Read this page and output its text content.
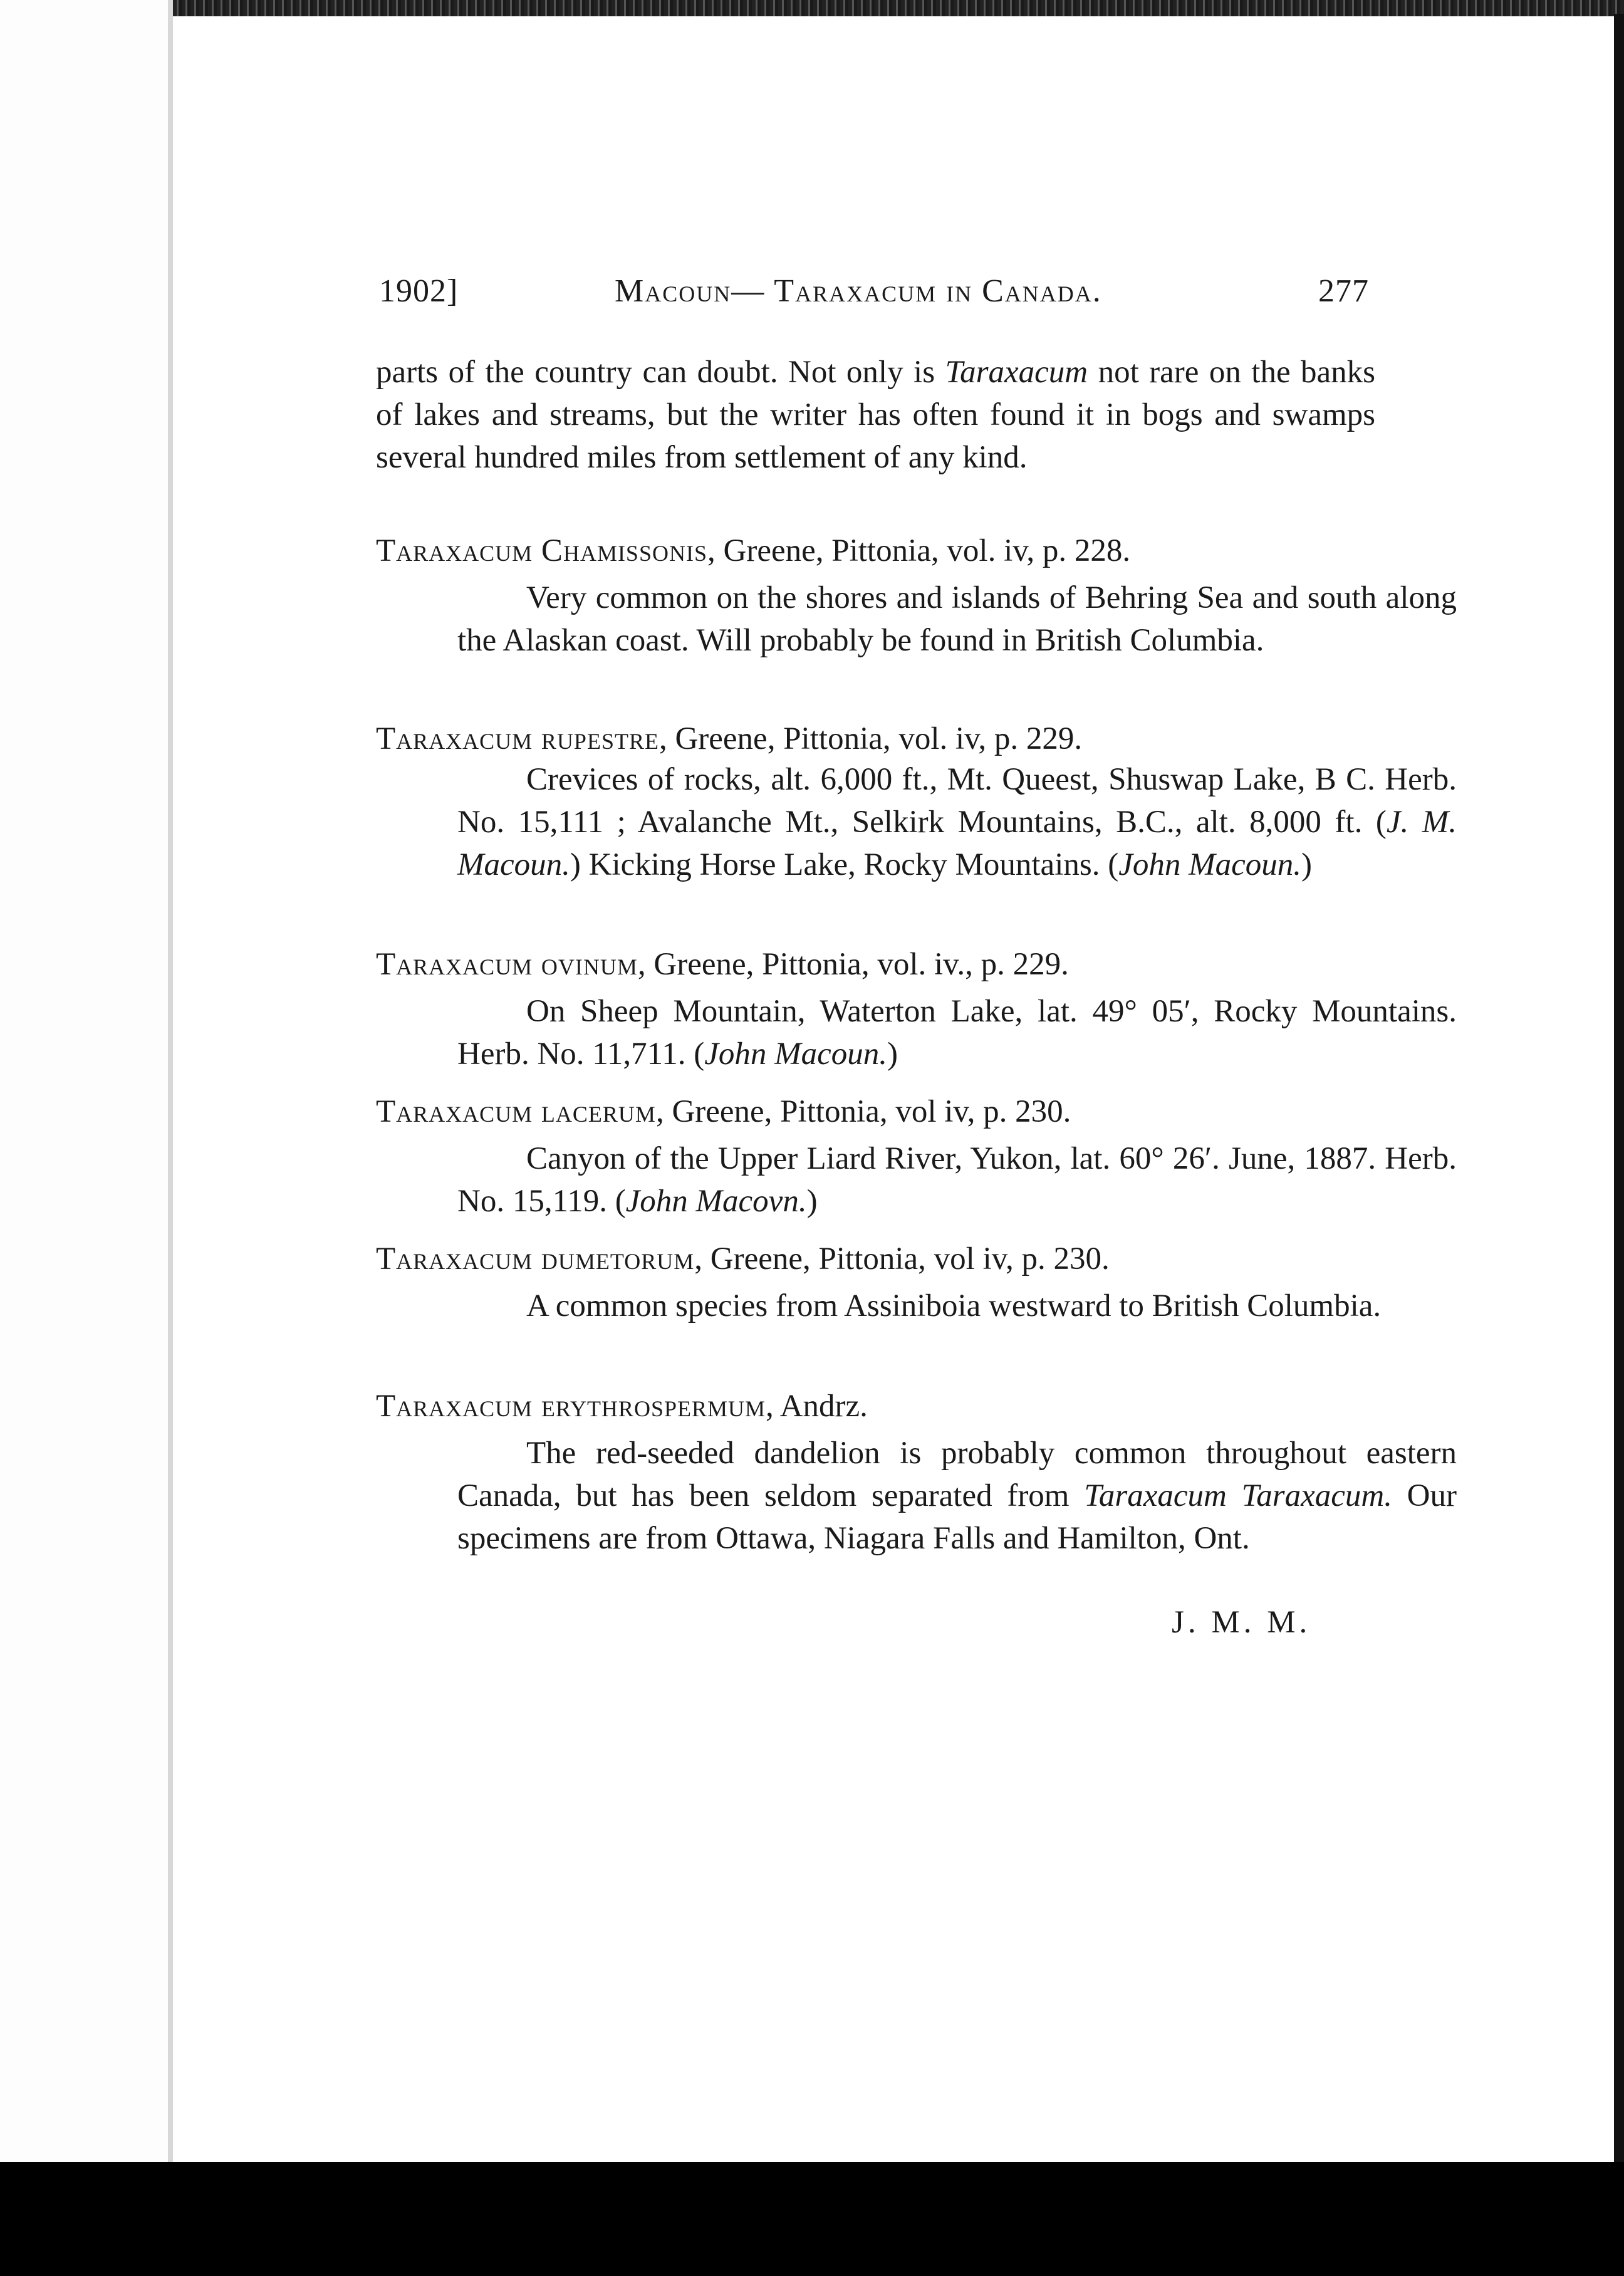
1902]	Macoun— Taraxacum in Canada.	277
parts of the country can doubt. Not only is Taraxacum not rare on the banks of lakes and streams, but the writer has often found it in bogs and swamps several hundred miles from settlement of any kind.
Taraxacum Chamissonis, Greene, Pittonia, vol. iv, p. 228.
Very common on the shores and islands of Behring Sea and south along the Alaskan coast. Will probably be found in British Columbia.
Taraxacum rupestre, Greene, Pittonia, vol. iv, p. 229.
Crevices of rocks, alt. 6,000 ft., Mt. Queest, Shuswap Lake, B C. Herb. No. 15,111 ; Avalanche Mt., Selkirk Mountains, B.C., alt. 8,000 ft. (J. M. Macoun.) Kicking Horse Lake, Rocky Mountains. (John Macoun.)
Taraxacum ovinum, Greene, Pittonia, vol. iv., p. 229.
On Sheep Mountain, Waterton Lake, lat. 49° 05′, Rocky Mountains. Herb. No. 11,711. (John Macoun.)
Taraxacum lacerum, Greene, Pittonia, vol iv, p. 230.
Canyon of the Upper Liard River, Yukon, lat. 60° 26′. June, 1887. Herb. No. 15,119. (John Macovn.)
Taraxacum dumetorum, Greene, Pittonia, vol iv, p. 230.
A common species from Assiniboia westward to British Columbia.
Taraxacum erythrospermum, Andrz.
The red-seeded dandelion is probably common throughout eastern Canada, but has been seldom separated from Taraxacum Taraxacum. Our specimens are from Ottawa, Niagara Falls and Hamilton, Ont.
J. M. M.
